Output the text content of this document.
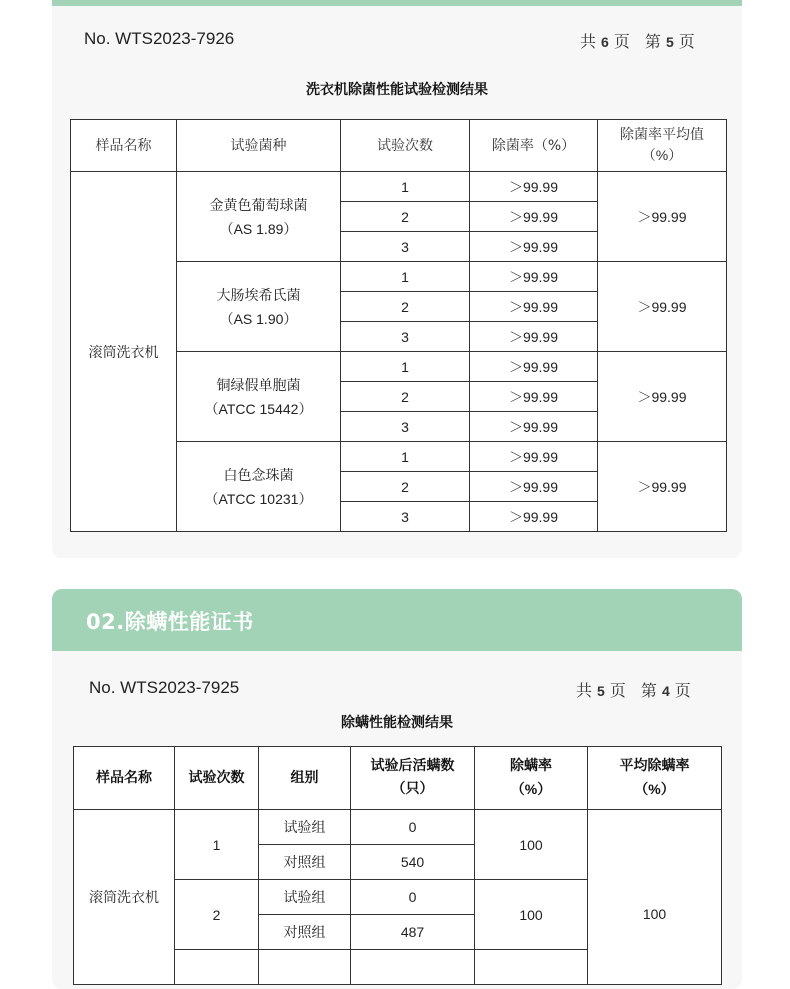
No. WTS2023-7926	共 6 页 第 5 页
洗衣机除菌性能试验检测结果
样品名称	试验菌种	试验次数	除菌率（%）	除菌率平均值
（%）
滚筒洗衣机	金黄色葡萄球菌
（AS 1.89）	1	＞99.99	＞99.99
		2	＞99.99	
		3	＞99.99	
	大肠埃希氏菌
（AS 1.90）	1	＞99.99	＞99.99
		2	＞99.99	
		3	＞99.99	
	铜绿假单胞菌
（ATCC 15442）	1	＞99.99	＞99.99
		2	＞99.99	
		3	＞99.99	
	白色念珠菌
（ATCC 10231）	1	＞99.99	＞99.99
		2	＞99.99	
		3	＞99.99	
02.除螨性能证书
No. WTS2023-7925	共 5 页 第 4 页
除螨性能检测结果
样品名称	试验次数	组别	试验后活螨数
（只）	除螨率
（%）	平均除螨率
（%）
滚筒洗衣机	1	试验组	0	100	100
		对照组	540		
	2	试验组	0	100	
		对照组	487		
